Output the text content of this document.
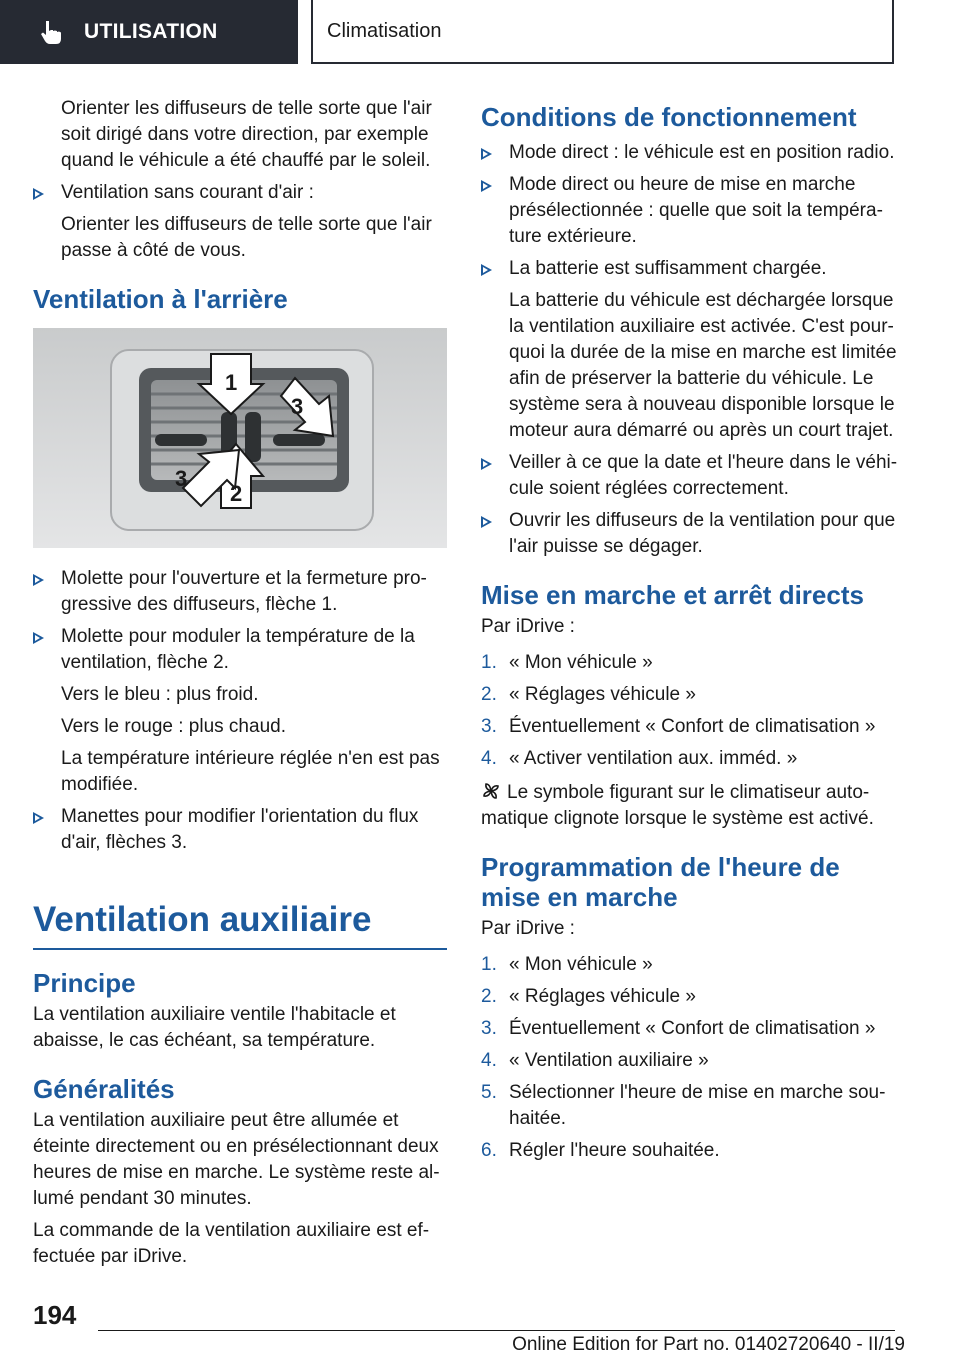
UTILISATION	Climatisation

Orienter les diffuseurs de telle sorte que l'air soit dirigé dans votre direction, par exemple quand le véhicule a été chauffé par le soleil.

Ventilation sans courant d'air :

Orienter les diffuseurs de telle sorte que l'air passe à côté de vous.

Ventilation à l'arrière
1
2
3
3
Molette pour l'ouverture et la fermeture progressive des diffuseurs, flèche 1.
Molette pour moduler la température de la ventilation, flèche 2.

Vers le bleu : plus froid.

Vers le rouge : plus chaud.

La température intérieure réglée n'en est pas modifiée.

Manettes pour modifier l'orientation du flux d'air, flèches 3.
Ventilation auxiliaire
Principe

La ventilation auxiliaire ventile l'habitacle et abaisse, le cas échéant, sa température.

Généralités

La ventilation auxiliaire peut être allumée et éteinte directement ou en présélectionnant deux heures de mise en marche. Le système reste allumé pendant 30 minutes.

La commande de la ventilation auxiliaire est effectuée par iDrive.

Conditions de fonctionnement
Mode direct : le véhicule est en position radio.
Mode direct ou heure de mise en marche présélectionnée : quelle que soit la température extérieure.
La batterie est suffisamment chargée.

La batterie du véhicule est déchargée lorsque la ventilation auxiliaire est activée. C'est pourquoi la durée de la mise en marche est limitée afin de préserver la batterie du véhicule. Le système sera à nouveau disponible lorsque le moteur aura démarré ou après un court trajet.

Veiller à ce que la date et l'heure dans le véhicule soient réglées correctement.
Ouvrir les diffuseurs de la ventilation pour que l'air puisse se dégager.
Mise en marche et arrêt directs

Par iDrive :

1. « Mon véhicule »
2. « Réglages véhicule »
3. Éventuellement « Confort de climatisation »
4. « Activer ventilation aux. imméd. »

Le symbole figurant sur le climatiseur automatique clignote lorsque le système est activé.

Programmation de l'heure de mise en marche

Par iDrive :

1. « Mon véhicule »
2. « Réglages véhicule »
3. Éventuellement « Confort de climatisation »
4. « Ventilation auxiliaire »
5. Sélectionner l'heure de mise en marche souhaitée.
6. Régler l'heure souhaitée.
194
Online Edition for Part no. 01402720640 - II/19
